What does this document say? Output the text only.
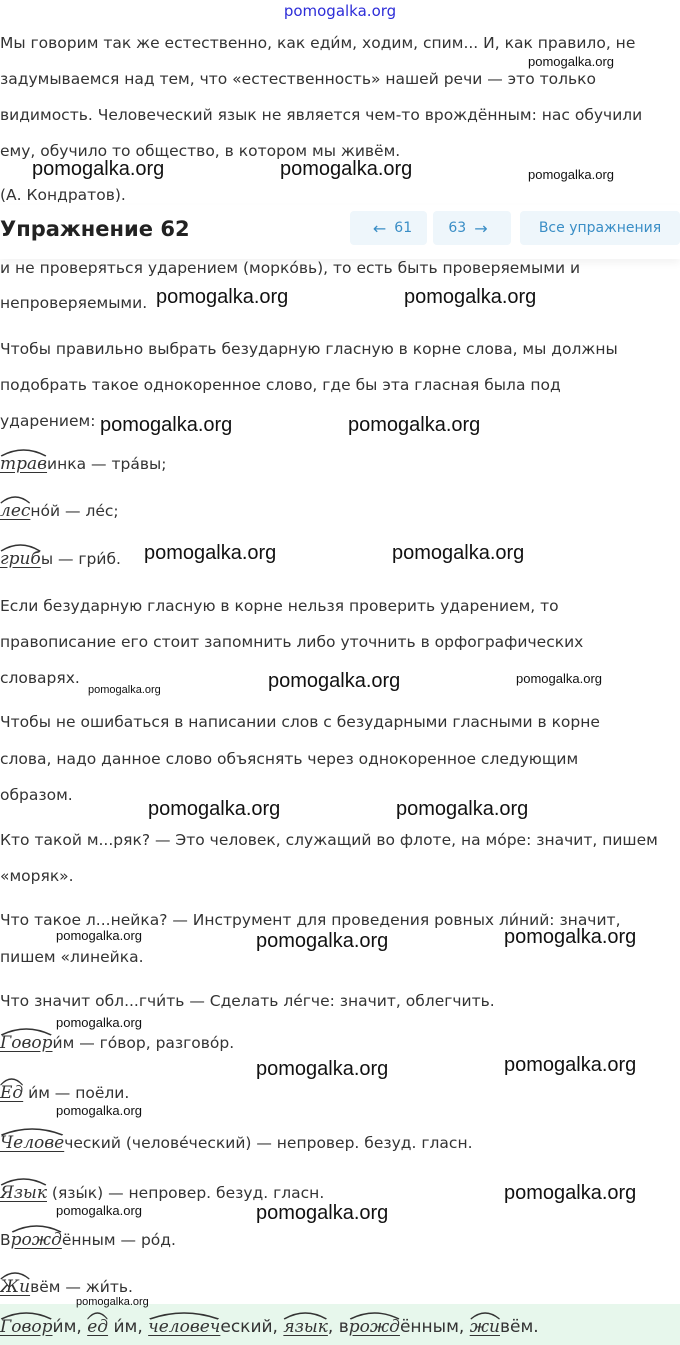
pomogalka.org
Мы говорим так же естественно, как еди́м, ходим, спим... И, как правило, не
задумываемся над тем, что «естественность» нашей речи — это только
видимость. Человеческий язык не является чем-то врождённым: нас обучили
ему, обучило то общество, в котором мы живём.
(А. Кондратов).
Упражнение 62	← 61	63 →	Все упражнения
и не проверяться ударением (морко́вь), то есть быть проверяемыми и
непроверяемыми.
Чтобы правильно выбрать безударную гласную в корне слова, мы должны
подобрать такое однокоренное слово, где бы эта гласная была под
ударением:
травинка — тра́вы;
лесно́й — ле́с;
грибы — гри́б.
Если безударную гласную в корне нельзя проверить ударением, то
правописание его стоит запомнить либо уточнить в орфографических
словарях.
Чтобы не ошибаться в написании слов с безударными гласными в корне
слова, надо данное слово объяснять через однокоренное следующим
образом.
Кто такой м...ряк? — Это человек, служащий во флоте, на мо́ре: значит, пишем
«моряк».
Что такое л...нейка? — Инструмент для проведения ровных ли́ний: значит,
пишем «линейка.
Что значит обл...гчи́ть — Сделать ле́гче: значит, облегчить.
Говори́м — го́вор, разгово́р.
Ед и́м — поёли.
Человеческий (челове́ческий) — непровер. безуд. гласн.
Язык (язы́к) — непровер. безуд. гласн.
В
рождённым — ро́д.
Живём — жи́ть.
Говори́м, ед и́м, человеческий, язык, в
рождённым, живём.
pomogalka.org
pomogalka.org	pomogalka.org	pomogalka.org
pomogalka.org	pomogalka.org
pomogalka.org	pomogalka.org
pomogalka.org	pomogalka.org
pomogalka.org	pomogalka.org	pomogalka.org
pomogalka.org	pomogalka.org
pomogalka.org	pomogalka.org	pomogalka.org
pomogalka.org
pomogalka.org	pomogalka.org
pomogalka.org
pomogalka.org
pomogalka.org	pomogalka.org
pomogalka.org
